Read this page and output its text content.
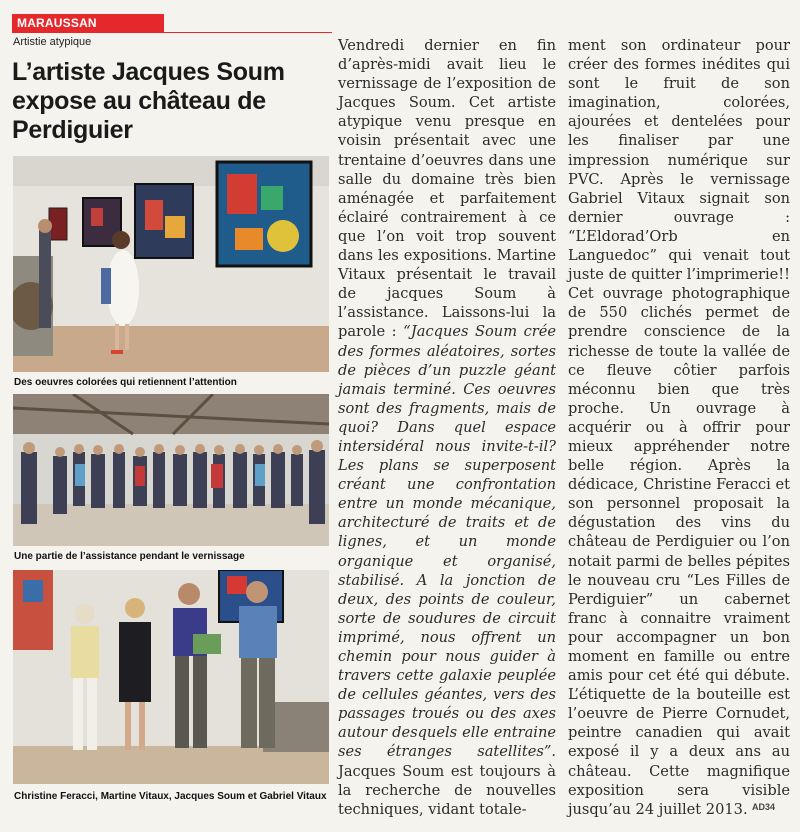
MARAUSSAN
Artistie atypique
L’artiste Jacques Soum expose au château de Perdiguier
Des oeuvres colorées qui retiennent l’attention
Une partie de l’assistance pendant le vernissage
Christine Feracci, Martine Vitaux, Jacques Soum et Gabriel Vitaux

Vendredi dernier en fin d’après-midi avait lieu le vernissage de l’exposition de Jacques Soum. Cet artiste atypique venu presque en voisin présentait avec une trentaine d’oeuvres dans une salle du domaine très bien aménagée et parfaitement éclairé contrairement à ce que l’on voit trop souvent dans les expositions. Martine Vitaux présentait le travail de jacques Soum à l’assistance. Laissons-lui la parole : “Jacques Soum crée des formes aléatoires, sortes de pièces d’un puzzle géant jamais terminé. Ces oeuvres sont des fragments, mais de quoi? Dans quel espace intersidéral nous invite-t-il? Les plans se superposent créant une confrontation entre un monde mécanique, architecturé de traits et de lignes, et un monde organique et organisé, stabilisé. A la jonction de deux, des points de couleur, sorte de soudures de circuit imprimé, nous offrent un chemin pour nous guider à travers cette galaxie peuplée de cellules géantes, vers des passages troués ou des axes autour desquels elle entraine ses étranges satellites”. Jacques Soum est toujours à la recherche de nouvelles techniques, vidant totale-

ment son ordinateur pour créer des formes inédites qui sont le fruit de son imagination, colorées, ajourées et dentelées pour les finaliser par une impression numérique sur PVC. Après le vernissage Gabriel Vitaux signait son dernier ouvrage : “L’Eldorad’Orb en Languedoc” qui venait tout juste de quitter l’imprimerie!! Cet ouvrage photographique de 550 clichés permet de prendre conscience de la richesse de toute la vallée de ce fleuve côtier parfois méconnu bien que très proche. Un ouvrage à acquérir ou à offrir pour mieux appréhender notre belle région. Après la dédicace, Christine Feracci et son personnel proposait la dégustation des vins du château de Perdiguier ou l’on notait parmi de belles pépites le nouveau cru “Les Filles de Perdiguier” un cabernet franc à connaitre vraiment pour accompagner un bon moment en famille ou entre amis pour cet été qui débute. L’étiquette de la bouteille est l’oeuvre de Pierre Cornudet, peintre canadien qui avait exposé il y a deux ans au château. Cette magnifique exposition sera visible jusqu’au 24 juillet 2013. AD34
